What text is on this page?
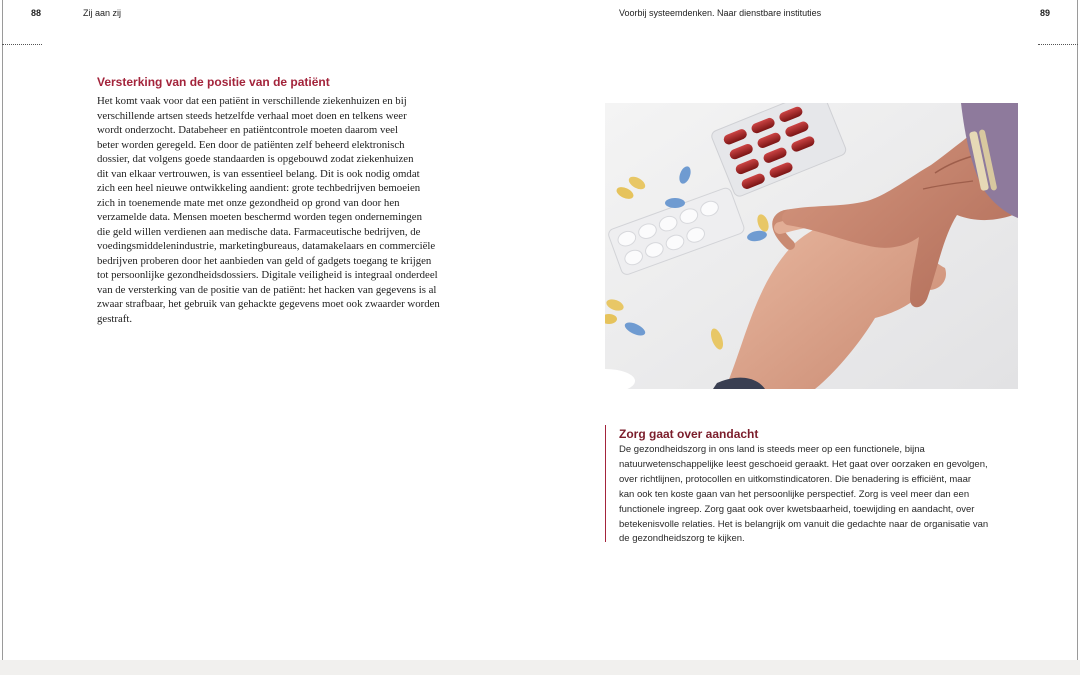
88	Zij aan zij	Voorbij systeemdenken. Naar dienstbare instituties	89
Versterking van de positie van de patiënt

Het komt vaak voor dat een patiënt in verschillende ziekenhuizen en bij
verschillende artsen steeds hetzelfde verhaal moet doen en telkens weer
wordt onderzocht. Databeheer en patiëntcontrole moeten daarom veel
beter worden geregeld. Een door de patiënten zelf beheerd elektronisch
dossier, dat volgens goede standaarden is opgebouwd zodat ziekenhuizen
dit van elkaar vertrouwen, is van essentieel belang. Dit is ook nodig omdat
zich een heel nieuwe ontwikkeling aandient: grote techbedrijven bemoeien
zich in toenemende mate met onze gezondheid op grond van door hen
verzamelde data. Mensen moeten beschermd worden tegen ondernemingen
die geld willen verdienen aan medische data. Farmaceutische bedrijven, de
voedingsmiddelenindustrie, marketingbureaus, datamakelaars en commerciële
bedrijven proberen door het aanbieden van geld of gadgets toegang te krijgen
tot persoonlijke gezondheidsdossiers. Digitale veiligheid is integraal onderdeel
van de versterking van de positie van de patiënt: het hacken van gegevens is al
zwaar strafbaar, het gebruik van gehackte gegevens moet ook zwaarder worden
gestraft.

Zorg gaat over aandacht

De gezondheidszorg in ons land is steeds meer op een functionele, bijna
natuurwetenschappelijke leest geschoeid geraakt. Het gaat over oorzaken en gevolgen,
over richtlijnen, protocollen en uitkomstindicatoren. Die benadering is efficiënt, maar
kan ook ten koste gaan van het persoonlijke perspectief. Zorg is veel meer dan een
functionele ingreep. Zorg gaat ook over kwetsbaarheid, toewijding en aandacht, over
betekenisvolle relaties. Het is belangrijk om vanuit die gedachte naar de organisatie van
de gezondheidszorg te kijken.
